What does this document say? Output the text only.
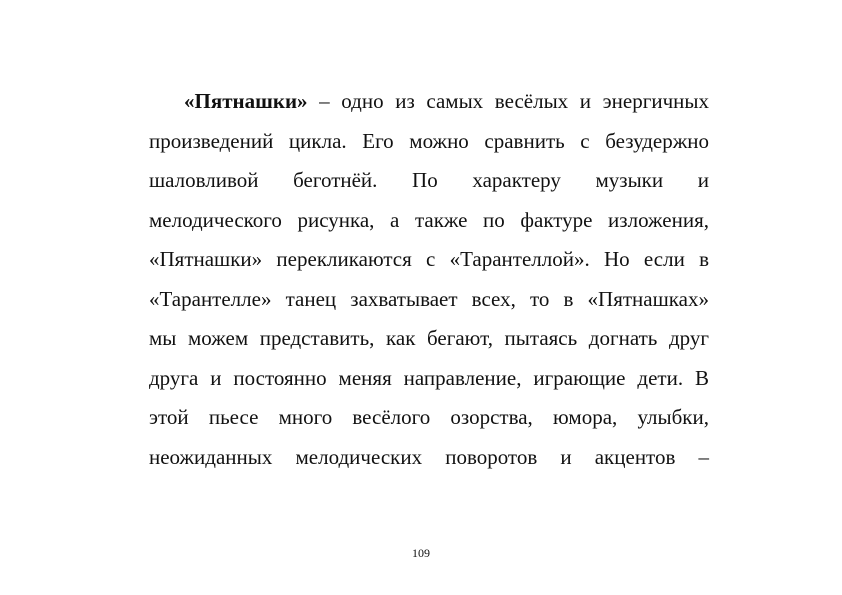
«Пятнашки» – одно из самых весёлых и энергичных
произведений цикла. Его можно сравнить с безудержно
шаловливой беготнёй. По характеру музыки и
мелодического рисунка, а также по фактуре изложения,
«Пятнашки» перекликаются с «Тарантеллой». Но если в
«Тарантелле» танец захватывает всех, то в «Пятнашках»
мы можем представить, как бегают, пытаясь догнать друг
друга и постоянно меняя направление, играющие дети. В
этой пьесе много весёлого озорства, юмора, улыбки,
неожиданных мелодических поворотов и акцентов –
109
